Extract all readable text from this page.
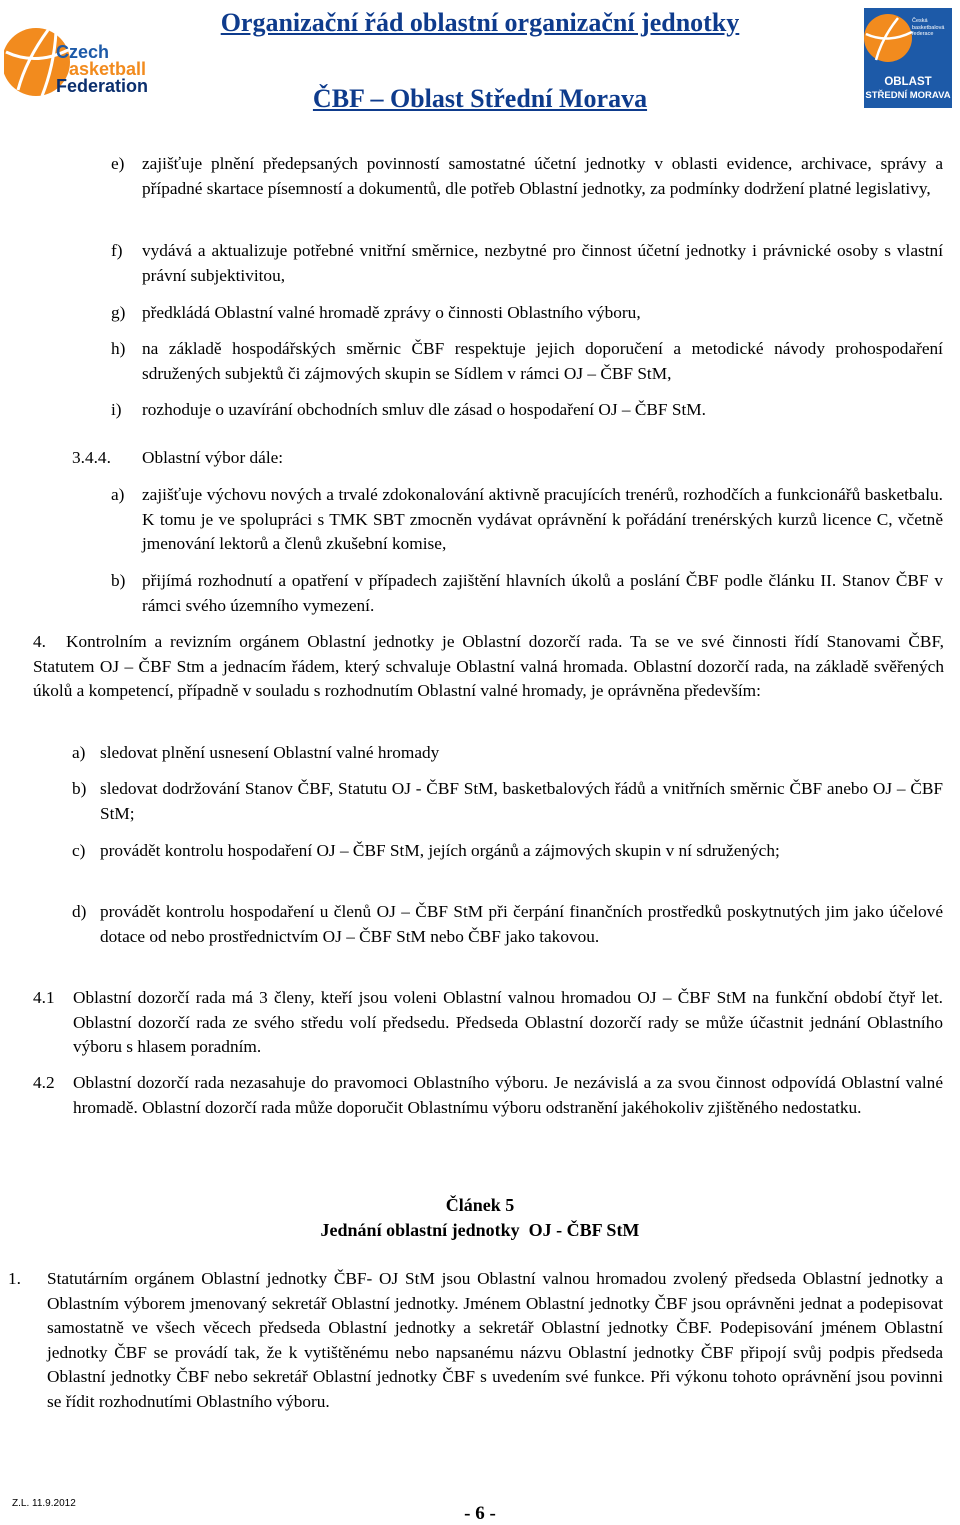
Czech
Basketball
Federation
Organizační řád oblastní organizační jednotky
ČBF – Oblast Střední Morava
Česká
basketbalová
federace
OBLAST
STŘEDNÍ MORAVA
e) zajišťuje plnění předepsaných povinností samostatné účetní jednotky v oblasti evidence, archivace, správy a případné skartace písemností a dokumentů, dle potřeb Oblastní jednotky, za podmínky dodržení platné legislativy,
f) vydává a aktualizuje potřebné vnitřní směrnice, nezbytné pro činnost účetní jednotky i právnické osoby s vlastní právní subjektivitou,
g) předkládá Oblastní valné hromadě zprávy o činnosti Oblastního výboru,
h) na základě hospodářských směrnic ČBF respektuje jejich doporučení a metodické návody prohospodaření sdružených subjektů či zájmových skupin se Sídlem v rámci OJ – ČBF StM,
i) rozhoduje o uzavírání obchodních smluv dle zásad o hospodaření OJ – ČBF StM.
3.4.4. Oblastní výbor dále:
a) zajišťuje výchovu nových a trvalé zdokonalování aktivně pracujících trenérů, rozhodčích a funkcionářů basketbalu. K tomu je ve spolupráci s TMK SBT zmocněn vydávat oprávnění k pořádání trenérských kurzů licence C, včetně jmenování lektorů a členů zkušební komise,
b) přijímá rozhodnutí a opatření v případech zajištění hlavních úkolů a poslání ČBF podle článku II. Stanov ČBF v rámci svého územního vymezení.
4.	Kontrolním a revizním orgánem Oblastní jednotky je Oblastní dozorčí rada. Ta se ve své činnosti řídí Stanovami ČBF, Statutem OJ – ČBF Stm a jednacím řádem, který schvaluje Oblastní valná hromada. Oblastní dozorčí rada, na základě svěřených úkolů a kompetencí, případně v souladu s rozhodnutím Oblastní valné hromady, je oprávněna především:
a) sledovat plnění usnesení Oblastní valné hromady
b) sledovat dodržování Stanov ČBF, Statutu OJ - ČBF StM, basketbalových řádů a vnitřních směrnic ČBF anebo OJ – ČBF StM;
c) provádět kontrolu hospodaření OJ – ČBF StM, jejích orgánů a zájmových skupin v ní sdružených;
d) provádět kontrolu hospodaření u členů OJ – ČBF StM při čerpání finančních prostředků poskytnutých jim jako účelové dotace od nebo prostřednictvím OJ – ČBF StM nebo ČBF jako takovou.
4.1 Oblastní dozorčí rada má 3 členy, kteří jsou voleni Oblastní valnou hromadou OJ – ČBF StM na funkční období čtyř let. Oblastní dozorčí rada ze svého středu volí předsedu. Předseda Oblastní dozorčí rady se může účastnit jednání Oblastního výboru s hlasem poradním.
4.2 Oblastní dozorčí rada nezasahuje do pravomoci Oblastního výboru. Je nezávislá a za svou činnost odpovídá Oblastní valné hromadě. Oblastní dozorčí rada může doporučit Oblastnímu výboru odstranění jakéhokoliv zjištěného nedostatku.
Článek 5
Jednání oblastní jednotky  OJ - ČBF StM
1. Statutárním orgánem Oblastní jednotky ČBF- OJ StM jsou Oblastní valnou hromadou zvolený předseda Oblastní jednotky a Oblastním výborem jmenovaný sekretář Oblastní jednotky. Jménem Oblastní jednotky ČBF jsou oprávněni jednat a podepisovat samostatně ve všech věcech předseda Oblastní jednotky a sekretář Oblastní jednotky ČBF. Podepisování jménem Oblastní jednotky ČBF se provádí tak, že k vytištěnému nebo napsanému názvu Oblastní jednotky ČBF připojí svůj podpis předseda Oblastní jednotky ČBF nebo sekretář Oblastní jednotky ČBF s uvedením své funkce. Při výkonu tohoto oprávnění jsou povinni se řídit rozhodnutími Oblastního výboru.
Z.L. 11.9.2012	- 6 -
